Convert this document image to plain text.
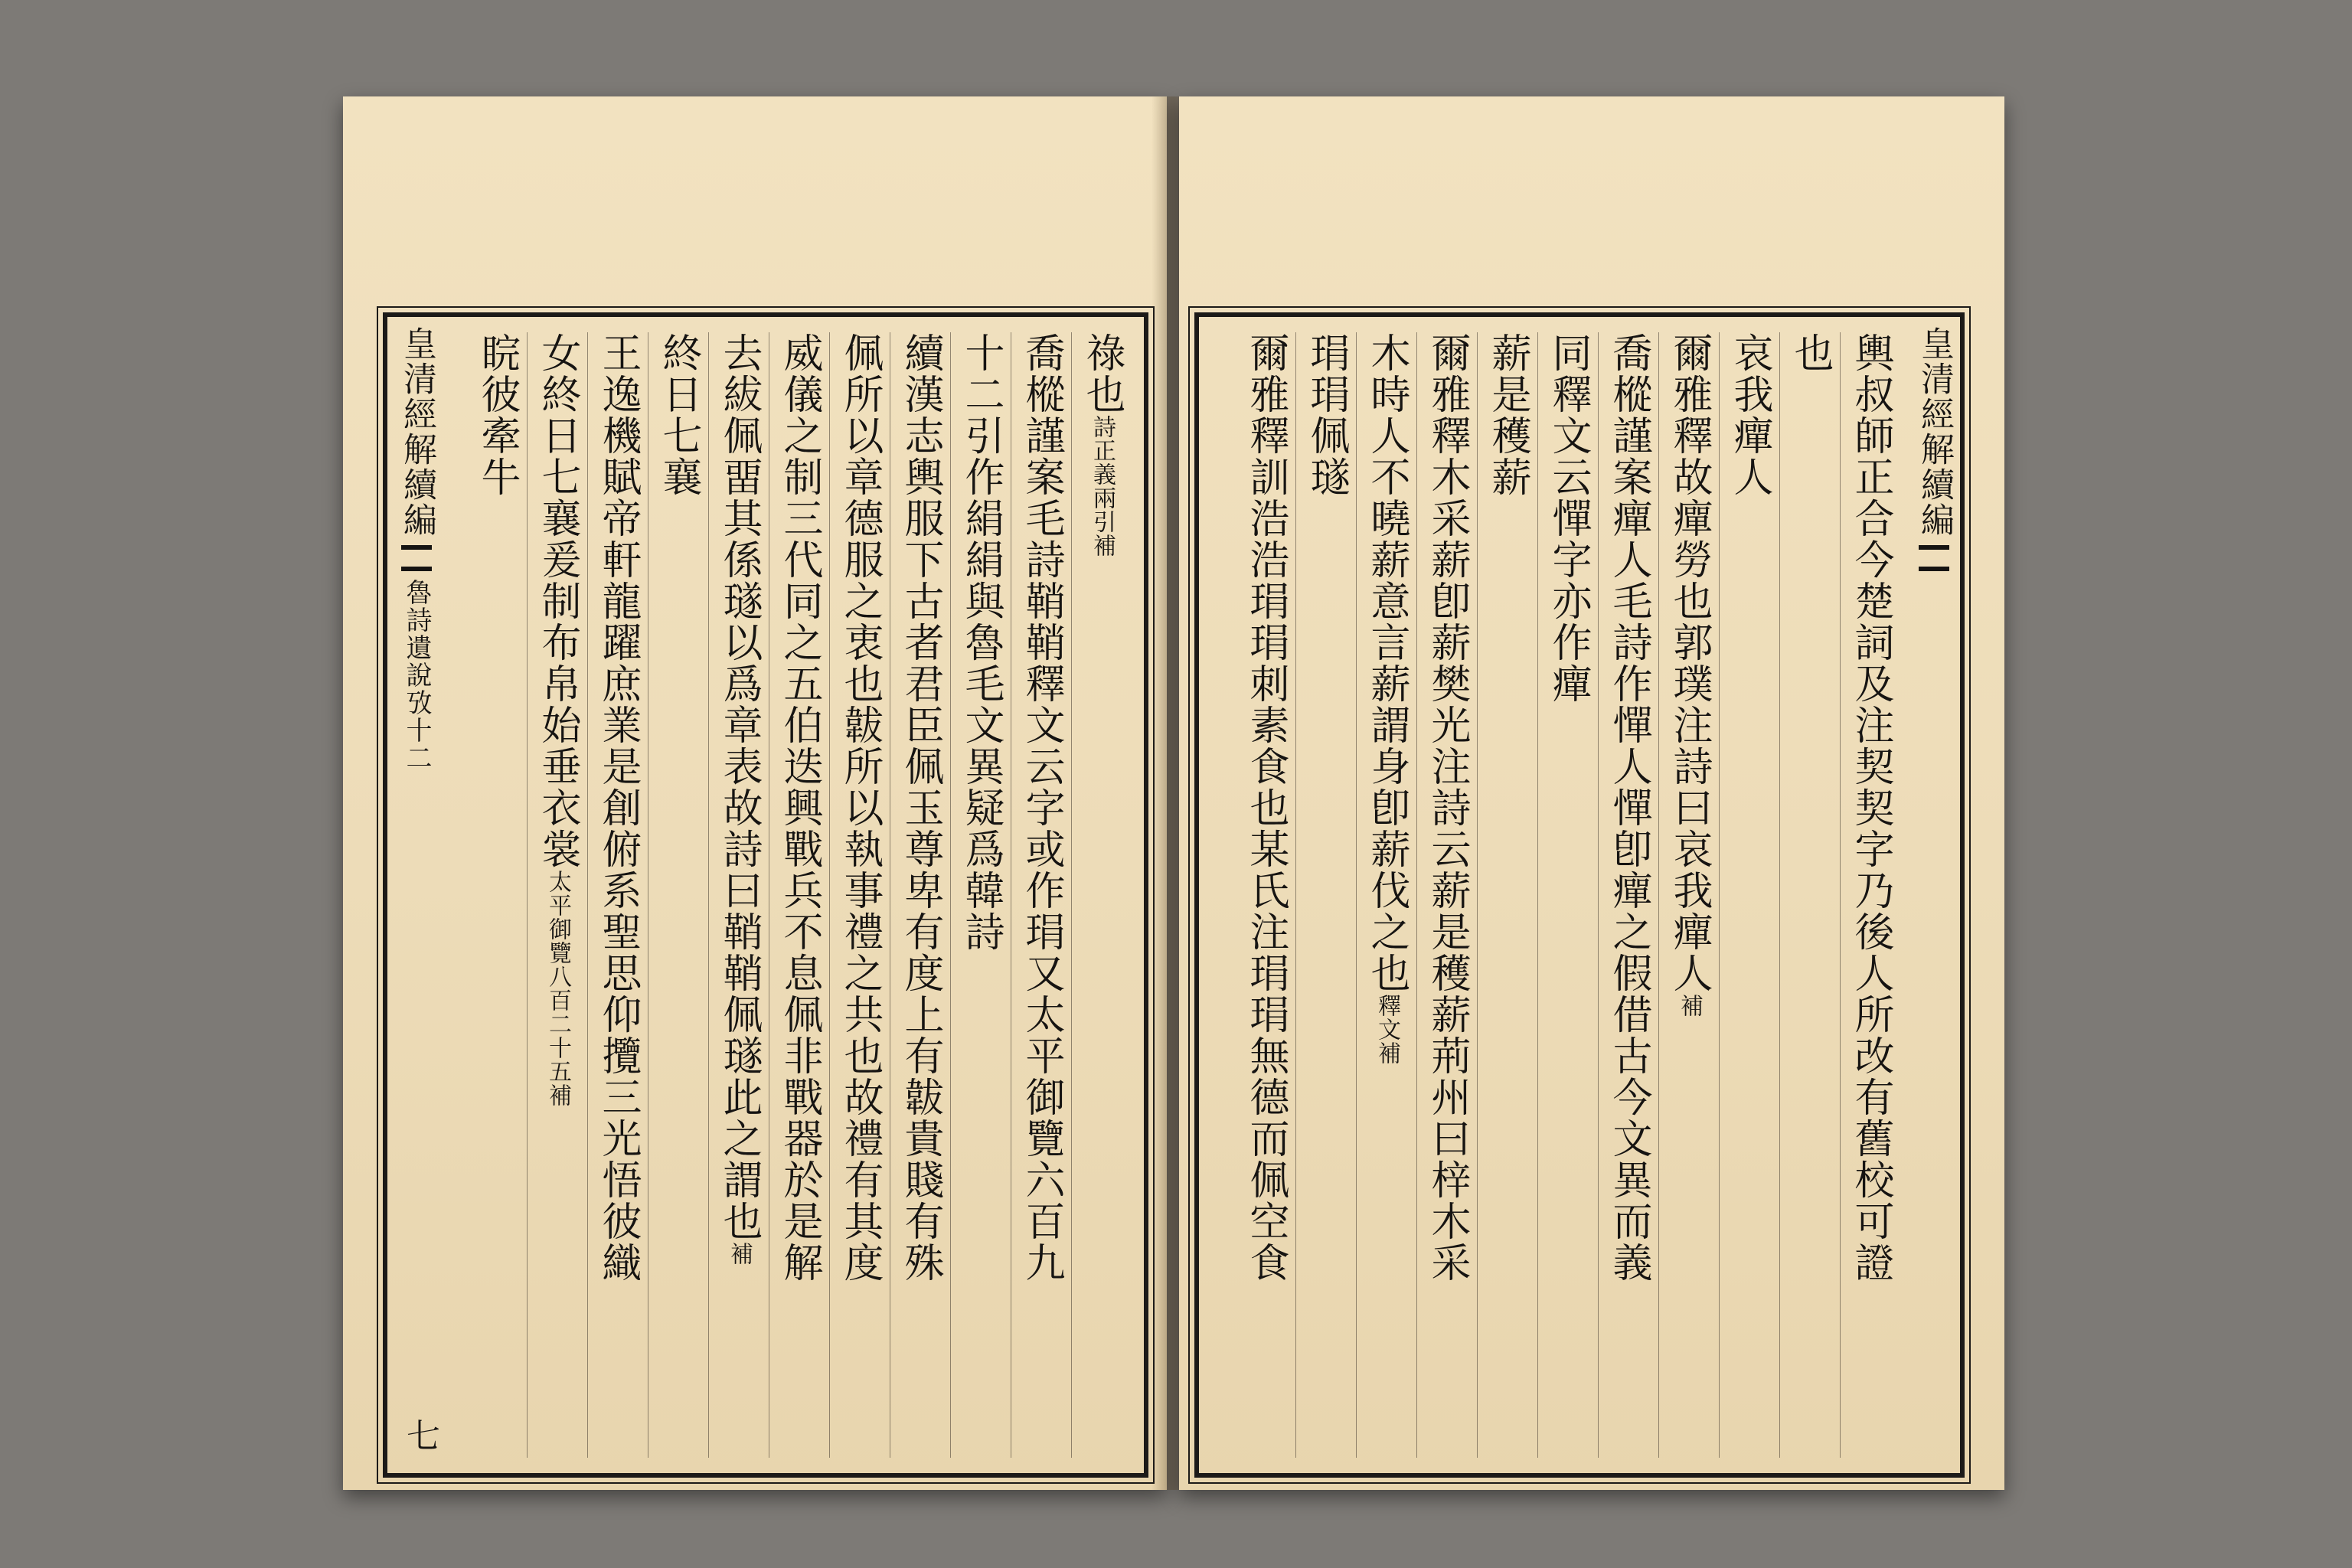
祿也詩正義兩引補
喬樅謹案毛詩鞘鞘釋文云字或作琄又太平御覽六百九
十二引作絹絹與魯毛文異疑爲韓詩
續漢志輿服下古者君臣佩玉尊卑有度上有韍貴賤有殊
佩所以章德服之衷也韍所以執事禮之共也故禮有其度
威儀之制三代同之五伯迭興戰兵不息佩非戰器於是解
去紱佩畱其係璲以爲章表故詩曰鞘鞘佩璲此之謂也補
終日七襄
王逸機賦帝軒龍躍庶業是創俯系聖思仰攬三光悟彼織
女終日七襄爰制布帛始垂衣裳太平御覽八百二十五補
睆彼牽牛
皇清經解續編魯詩遺說攷十二
七
輿叔師正合今楚詞及注契契字乃後人所改有舊校可證
也
哀我癉人
爾雅釋故癉勞也郭璞注詩曰哀我癉人補
喬樅謹案癉人毛詩作憚人憚卽癉之假借古今文異而義
同釋文云憚字亦作癉
薪是穫薪
爾雅釋木采薪卽薪樊光注詩云薪是穫薪荊州曰梓木采
木時人不曉薪意言薪謂身卽薪伐之也釋文補
琄琄佩璲
爾雅釋訓浩浩琄琄刺素食也某氏注琄琄無德而佩空食	皇清經解續編
